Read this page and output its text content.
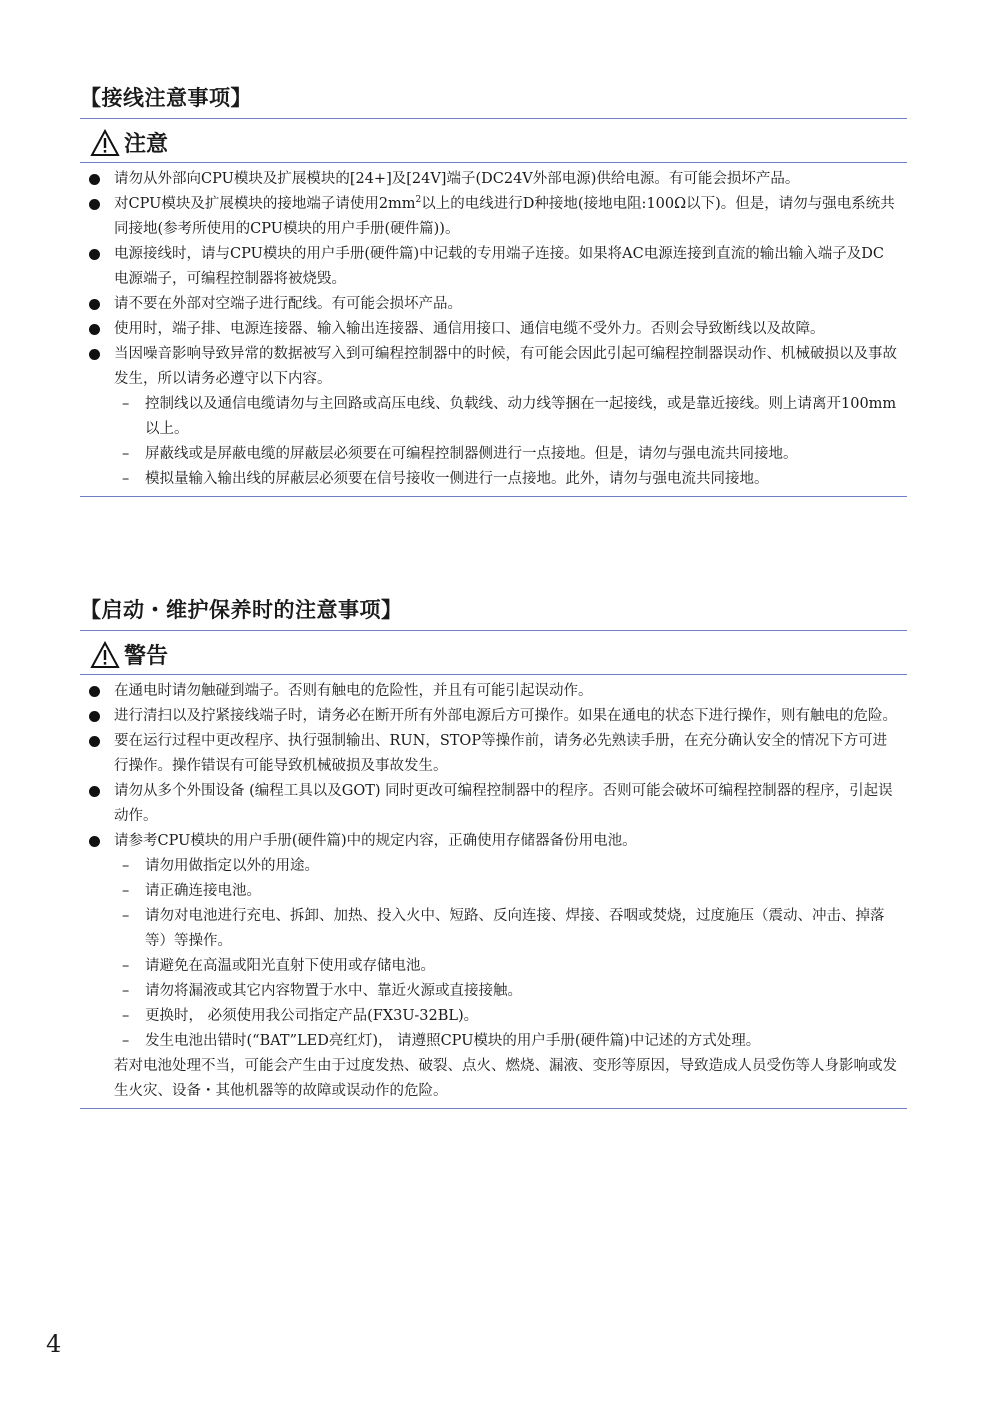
【接线注意事项】
注意
请勿从外部向CPU模块及扩展模块的[24+]及[24V]端子(DC24V外部电源)供给电源。有可能会损坏产品。
对CPU模块及扩展模块的接地端子请使用$2mm^2$以上的电线进行D种接地(接地电阻:100Ω以下)。但是，请勿与强电系统共同接地(参考所使用的CPU模块的用户手册(硬件篇))。
电源接线时，请与CPU模块的用户手册(硬件篇)中记载的专用端子连接。如果将AC电源连接到直流的输出输入端子及DC电源端子，可编程控制器将被烧毁。
请不要在外部对空端子进行配线。有可能会损坏产品。
使用时，端子排、电源连接器、输入输出连接器、通信用接口、通信电缆不受外力。否则会导致断线以及故障。
当因噪音影响导致异常的数据被写入到可编程控制器中的时候，有可能会因此引起可编程控制器误动作、机械破损以及事故发生，所以请务必遵守以下内容。
– 控制线以及通信电缆请勿与主回路或高压电线、负载线、动力线等捆在一起接线，或是靠近接线。则上请离开100mm以上。
– 屏蔽线或是屏蔽电缆的屏蔽层必须要在可编程控制器侧进行一点接地。但是，请勿与强电流共同接地。
– 模拟量输入输出线的屏蔽层必须要在信号接收一侧进行一点接地。此外，请勿与强电流共同接地。
【启动・维护保养时的注意事项】
警告
在通电时请勿触碰到端子。否则有触电的危险性，并且有可能引起误动作。
进行清扫以及拧紧接线端子时，请务必在断开所有外部电源后方可操作。如果在通电的状态下进行操作，则有触电的危险。
要在运行过程中更改程序、执行强制输出、RUN，STOP等操作前，请务必先熟读手册，在充分确认安全的情况下方可进行操作。操作错误有可能导致机械破损及事故发生。
请勿从多个外围设备 (编程工具以及GOT) 同时更改可编程控制器中的程序。否则可能会破坏可编程控制器的程序，引起误动作。
请参考CPU模块的用户手册(硬件篇)中的规定内容，正确使用存储器备份用电池。
– 请勿用做指定以外的用途。
– 请正确连接电池。
– 请勿对电池进行充电、拆卸、加热、投入火中、短路、反向连接、焊接、吞咽或焚烧，过度施压（震动、冲击、掉落等）等操作。
– 请避免在高温或阳光直射下使用或存储电池。
– 请勿将漏液或其它内容物置于水中、靠近火源或直接接触。
– 更换时， 必须使用我公司指定产品(FX3U-32BL)。
– 发生电池出错时(“BAT”LED亮红灯)， 请遵照CPU模块的用户手册(硬件篇)中记述的方式处理。
若对电池处理不当，可能会产生由于过度发热、破裂、点火、燃烧、漏液、变形等原因，导致造成人员受伤等人身影响或发生火灾、设备・其他机器等的故障或误动作的危险。
4
